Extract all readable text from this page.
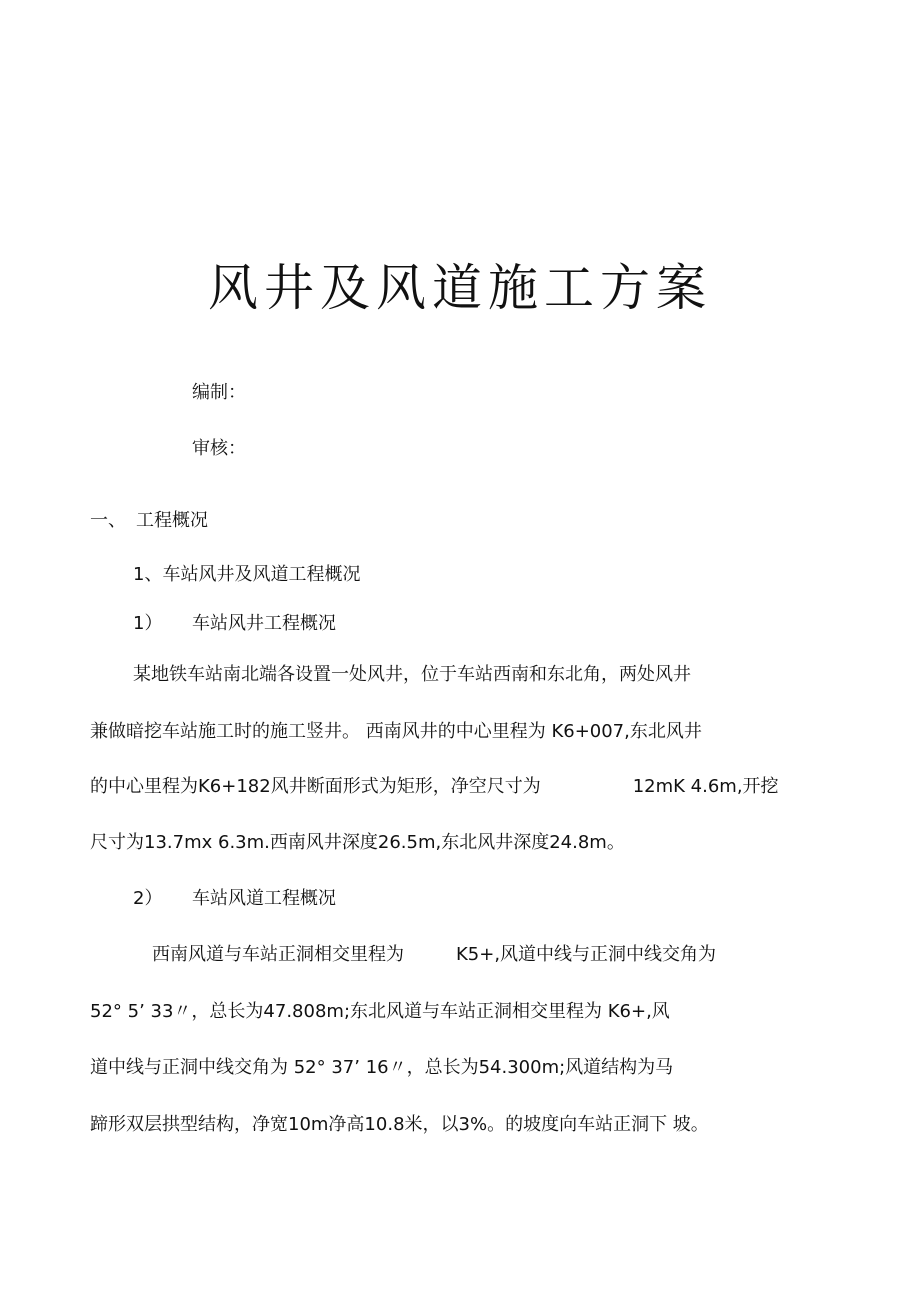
风井及风道施工方案

编制：

审核：

一、 工程概况

1、车站风井及风道工程概况

1） 车站风井工程概况

某地铁车站南北端各设置一处风井，位于车站西南和东北角，两处风井

兼做暗挖车站施工时的施工竖井。 西南风井的中心里程为 K6+007,东北风井

的中心里程为K6+182风井断面形式为矩形，净空尺寸为	12mK 4.6m,开挖

尺寸为13.7mx 6.3m.西南风井深度26.5m,东北风井深度24.8m。

2） 车站风道工程概况

西南风道与车站正洞相交里程为	K5+,风道中线与正洞中线交角为

52° 5’ 33〃，总长为47.808m;东北风道与车站正洞相交里程为 K6+,风

道中线与正洞中线交角为 52° 37’ 16〃，总长为54.300m;风道结构为马

蹄形双层拱型结构，净宽10m净高10.8米，以3%。的坡度向车站正洞下 坡。
